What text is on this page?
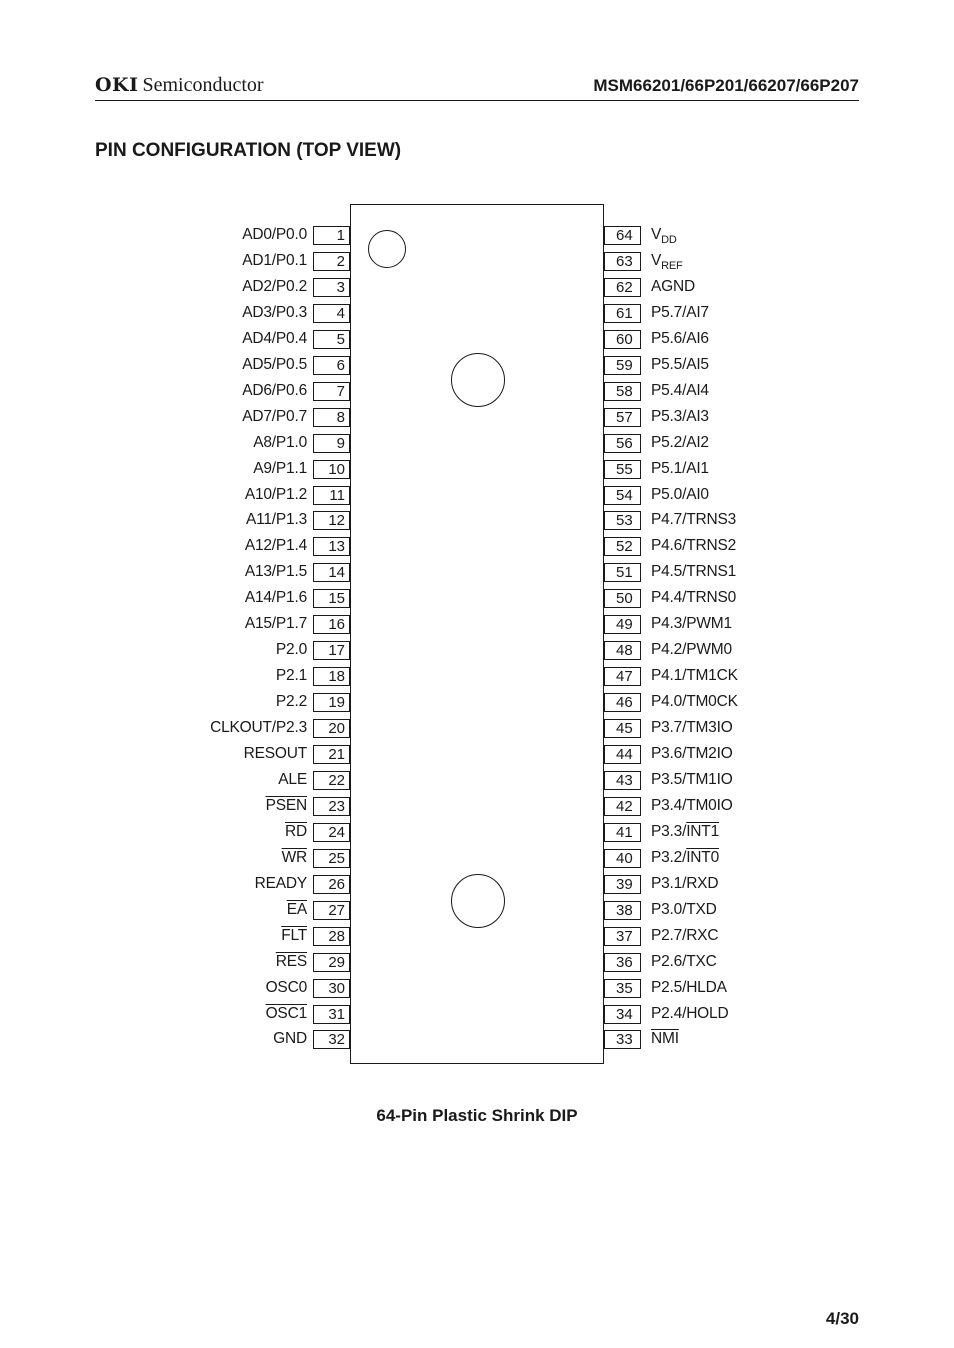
OKI Semiconductor	MSM66201/66P201/66207/66P207
PIN CONFIGURATION (TOP VIEW)
1
AD0/P0.0
2
AD1/P0.1
3
AD2/P0.2
4
AD3/P0.3
5
AD4/P0.4
6
AD5/P0.5
7
AD6/P0.6
8
AD7/P0.7
9
A8/P1.0
10
A9/P1.1
11
A10/P1.2
12
A11/P1.3
13
A12/P1.4
14
A13/P1.5
15
A14/P1.6
16
A15/P1.7
17
P2.0
18
P2.1
19
P2.2
20
CLKOUT/P2.3
21
RESOUT
22
ALE
23
PSEN
24
$\overline{RD}$
25
$\overline{WR}$
26
READY
27
$\overline{EA}$
28
$\overline{FLT}$
29
$\overline{RES}$
30
OSC0
31
OSC1
32
GND
64	$V_{DD}$
63	$V_{REF}$
62	AGND
61	P5.7/AI7
60	P5.6/AI6
59	P5.5/AI5
58	P5.4/AI4
57	P5.3/AI3
56	P5.2/AI2
55	P5.1/AI1
54	P5.0/AI0
53	P4.7/TRNS3
52	P4.6/TRNS2
51	P4.5/TRNS1
50	P4.4/TRNS0
49	P4.3/PWM1
48	P4.2/PWM0
47	P4.1/TM1CK
46	P4.0/TM0CK
45	P3.7/TM3IO
44	P3.6/TM2IO
43	P3.5/TM1IO
42	P3.4/TM0IO
41	P3.3/INT1
40	P3.2/INT0
39	P3.1/RXD
38	P3.0/TXD
37	P2.7/RXC
36	P2.6/TXC
35	P2.5/HLDA
34	P2.4/HOLD
33	$\overline{NMI}$
64-Pin Plastic Shrink DIP
4/30
